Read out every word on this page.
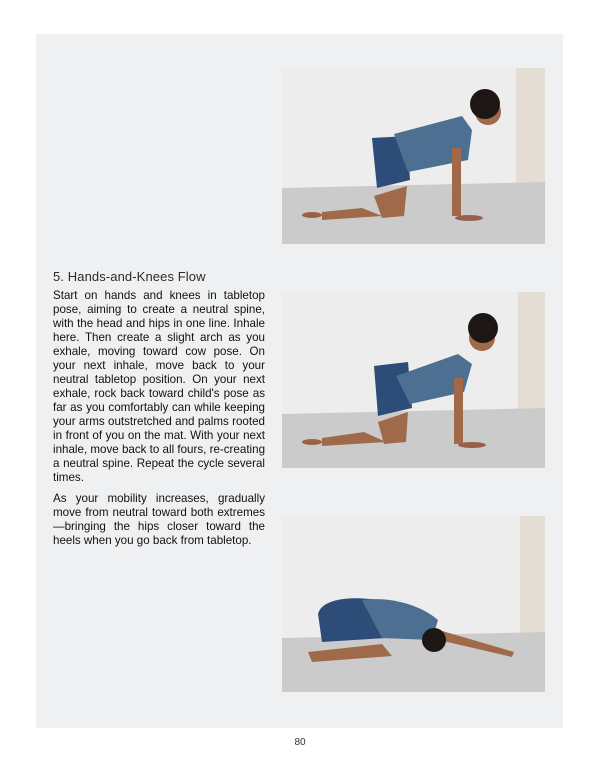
5. Hands-and-Knees Flow

Start on hands and knees in tabletop pose, aiming to create a neutral spine, with the head and hips in one line. Inhale here. Then create a slight arch as you exhale, moving toward cow pose. On your next inhale, move back to your neutral tabletop position. On your next exhale, rock back toward child's pose as far as you comfortably can while keeping your arms outstretched and palms rooted in front of you on the mat. With your next inhale, move back to all fours, re-creating a neutral spine. Repeat the cycle several times.

As your mobility increases, gradually move from neutral toward both extremes—bringing the hips closer toward the heels when you go back from tabletop.

80
